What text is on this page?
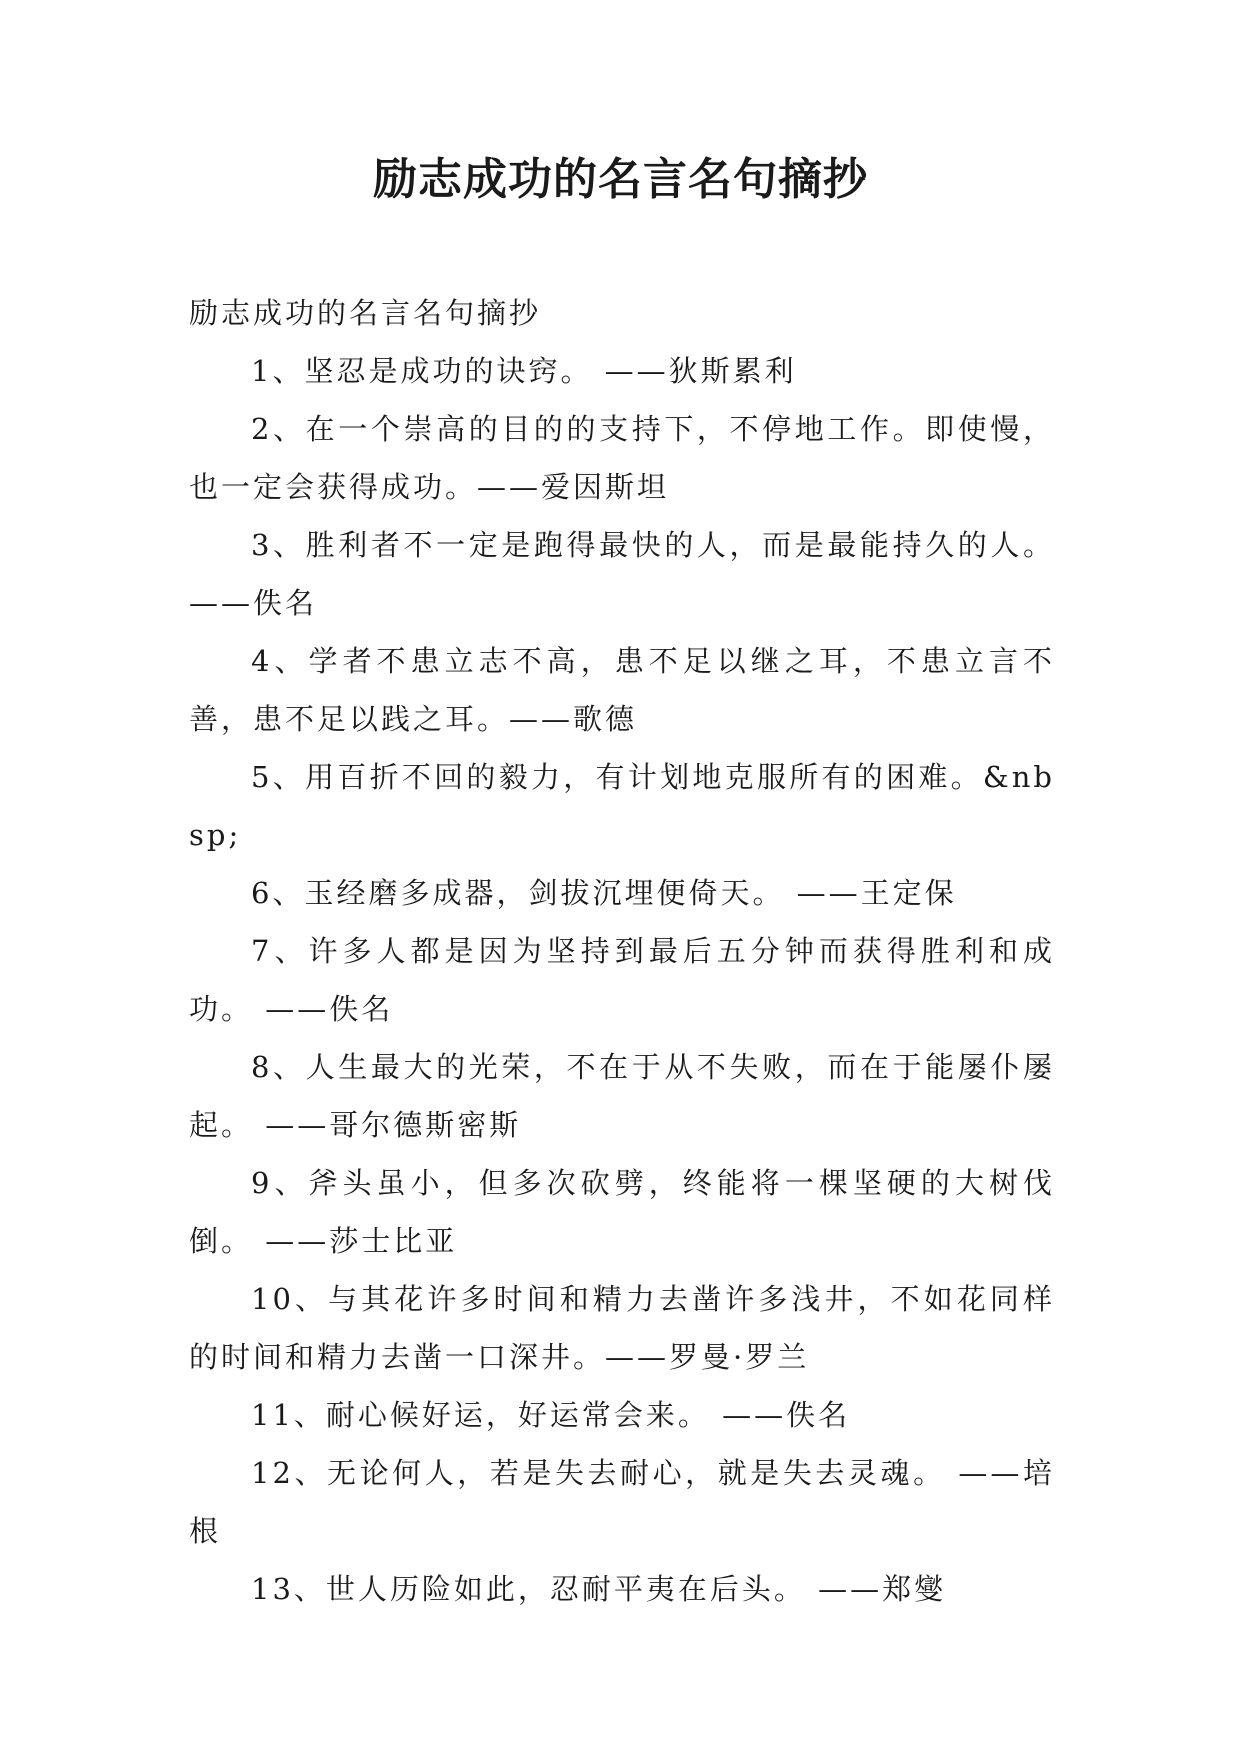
励志成功的名言名句摘抄

励志成功的名言名句摘抄

1、坚忍是成功的诀窍。 ——狄斯累利

2、在一个崇高的目的的支持下，不停地工作。即使慢，也一定会获得成功。——爱因斯坦

3、胜利者不一定是跑得最快的人，而是最能持久的人。——佚名

4、学者不患立志不高，患不足以继之耳，不患立言不善，患不足以践之耳。——歌德

5、用百折不回的毅力，有计划地克服所有的困难。&nbsp;

6、玉经磨多成器，剑拔沉埋便倚天。 ——王定保

7、许多人都是因为坚持到最后五分钟而获得胜利和成功。 ——佚名

8、人生最大的光荣，不在于从不失败，而在于能屡仆屡起。 ——哥尔德斯密斯

9、斧头虽小，但多次砍劈，终能将一棵坚硬的大树伐倒。 ——莎士比亚

10、与其花许多时间和精力去凿许多浅井，不如花同样的时间和精力去凿一口深井。——罗曼·罗兰

11、耐心候好运，好运常会来。 ——佚名

12、无论何人，若是失去耐心，就是失去灵魂。 ——培根

13、世人历险如此，忍耐平夷在后头。 ——郑燮
